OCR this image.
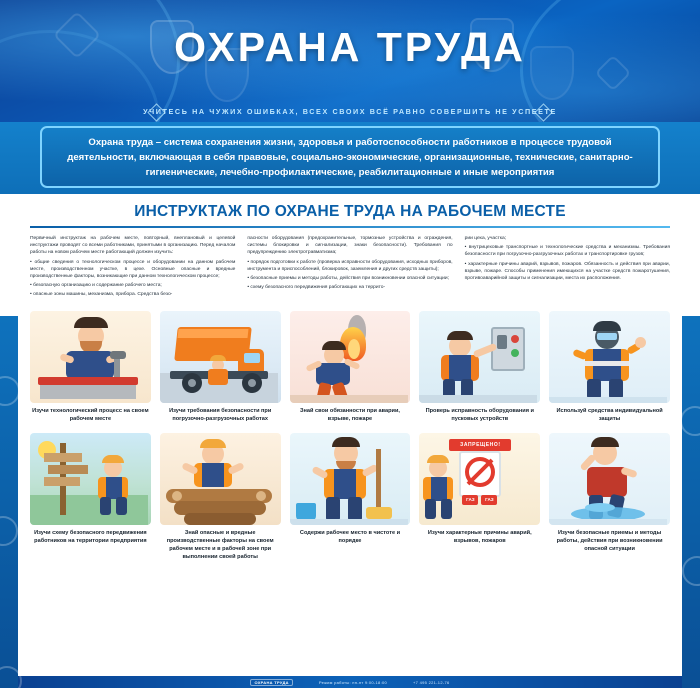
ОХРАНА ТРУДА
УЧИТЕСЬ НА ЧУЖИХ ОШИБКАХ, ВСЕХ СВОИХ ВСЁ РАВНО СОВЕРШИТЬ НЕ УСПЕЕТЕ
Охрана труда – система сохранения жизни, здоровья и работоспособности работников в процессе трудовой деятельности, включающая в себя правовые, социально-экономические, организационные, технические, санитарно-гигиенические, лечебно-профилактические, реабилитационные и иные мероприятия
ИНСТРУКТАЖ ПО ОХРАНЕ ТРУДА НА РАБОЧЕМ МЕСТЕ

Первичный инструктаж на рабочем месте, повторный, внеплановый и целевой инструктажи проводят со всеми работниками, принятыми в организацию. Перед началом работы на новом рабочем месте работающий должен изучить:

• общие сведения о технологическом процессе и оборудовании на данном рабочем месте, производственном участке, в цехе. Основные опасные и вредные производственные факторы, возникающие при данном технологическом процессе;

• безопасную организацию и содержание рабочего места;

• опасные зоны машины, механизма, прибора. Средства безо-

пасности оборудования (предохранительные, тормозные устройства и ограждения, системы блокировки и сигнализации, знаки безопасности). Требования по предупреждению электротравматизма;

• порядок подготовки к работе (проверка исправности оборудования, исходных приборов, инструмента и приспособлений, блокировок, заземления и других средств защиты);

• безопасные приемы и методы работы, действия при возникновении опасной ситуации;

• схему безопасного передвижения работающих на террито-

рии цеха, участка;

• внутрицеховые транспортные и технологические средства и механизмы. Требования безопасности при погрузочно-разгрузочных работах и транспортировке грузов;

• характерные причины аварий, взрывов, пожаров. Обязанность и действия при аварии, взрыве, пожаре. Способы применения имеющихся на участке средств пожаротушения, противоаварийной защиты и сигнализации, места их расположения.

Изучи технологический процесс на своем рабочем месте
Изучи требования безопасности при погрузочно-разгрузочных работах
Знай свои обязанности при аварии, взрыве, пожаре
Проверь исправность оборудования и пусковых устройств
Используй средства индивидуальной защиты
Изучи схему безопасного передвижения работников на территории предприятия
Знай опасные и вредные производственные факторы на своем рабочем месте и в рабочей зоне при выполнении своей работы
Содержи рабочее место в чистоте и порядке
ЗАПРЕЩЕНО!
ГАЗ	ГАЗ
Изучи характерные причины аварий, взрывов, пожаров
Изучи безопасные приемы и методы работы, действия при возникновении опасной ситуации
ОХРАНА ТРУДА	Режим работы: пн-пт 9:00-18:00	+7 495 221-12-76
